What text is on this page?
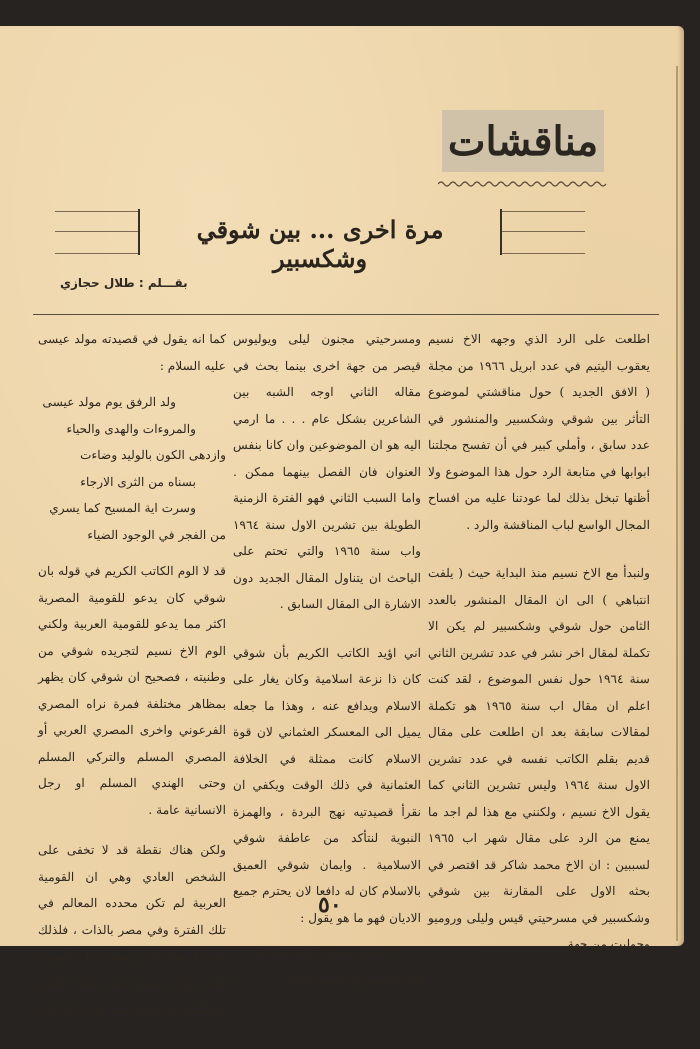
مناقشات
مرة اخرى ... بين شوقي وشكسبير
بقـــلم : طلال حجازي

اطلعت على الرد الذي وجهه الاخ نسيم يعقوب اليتيم في عدد ابريل ١٩٦٦ من مجلة ( الافق الجديد ) حول مناقشتي لموضوع التأثر بين شوقي وشكسبير والمنشور في عدد سابق ، وأملي كبير في أن تفسح مجلتنا ابوابها في متابعة الرد حول هذا الموضوع ولا أظنها تبخل بذلك لما عودتنا عليه من افساح المجال الواسع لباب المناقشة والرد .

ولنبدأ مع الاخ نسيم منذ البداية حيث ( يلفت انتباهي ) الى ان المقال المنشور بالعدد الثامن حول شوقي وشكسبير لم يكن الا تكملة لمقال اخر نشر في عدد تشرين الثاني سنة ١٩٦٤ حول نفس الموضوع ، لقد كنت اعلم ان مقال اب سنة ١٩٦٥ هو تكملة لمقالات سابقة بعد ان اطلعت على مقال قديم بقلم الكاتب نفسه في عدد تشرين الاول سنة ١٩٦٤ وليس تشرين الثاني كما يقول الاخ نسيم ، ولكنني مع هذا لم اجد ما يمنع من الرد على مقال شهر اب ١٩٦٥ لسببين : ان الاخ محمد شاكر قد اقتصر في بحثه الاول على المقارنة بين شوقي وشكسبير في مسرحيتي قيس وليلى وروميو وجوليت من جهة

ومسرحيتي مجنون ليلى ويوليوس قيصر من جهة اخرى بينما بحث في مقاله الثاني اوجه الشبه بين الشاعرين بشكل عام . . . ما ارمي اليه هو ان الموضوعين وان كانا بنفس العنوان فان الفصل بينهما ممكن . واما السبب الثاني فهو الفترة الزمنية الطويلة بين تشرين الاول سنة ١٩٦٤ واب سنة ١٩٦٥ والتي تحتم على الباحث ان يتناول المقال الجديد دون الاشارة الى المقال السابق .

اني اؤيد الكاتب الكريم بأن شوقي كان ذا نزعة اسلامية وكان يغار على الاسلام ويدافع عنه ، وهذا ما جعله يميل الى المعسكر العثماني لان قوة الاسلام كانت ممثلة في الخلافة العثمانية في ذلك الوقت ويكفي ان نقرأ قصيدتيه نهج البردة ، والهمزة النبوية لنتأكد من عاطفة شوقي الاسلامية . وايمان شوقي العميق بالاسلام كان له دافعا لان يحترم جميع الاديان فهو ما هو يقول :

عيسى سبيلك رحمة ومحبة

في العالمين وعصمة وسلام

كما انه يقول في قصيدته مولد عيسى عليه السلام :

ولد الرفق يوم مولد عيسى

والمروءات والهدى والحياء

وازدهى الكون بالوليد وضاءت

بسناه من الثرى الارجاء

وسرت اية المسيح كما يسري

من الفجر في الوجود الضياء

قد لا الوم الكاتب الكريم في قوله بان شوقي كان يدعو للقومية المصرية اكثر مما يدعو للقومية العربية ولكني الوم الاخ نسيم لتجريده شوقي من وطنيته ، فصحيح ان شوقي كان يظهر بمظاهر مختلفة فمرة نراه المصري الفرعوني واخرى المصري العربي أو المصري المسلم والتركي المسلم وحتى الهندي المسلم او رجل الانسانية عامة .

ولكن هناك نقطة قد لا تخفى على الشخص العادي وهي ان القومية العربية لم تكن محدده المعالم في تلك الفترة وفي مصر بالذات ، فلذلك نحن لا نشك في وطنية ذلك الصوت الذي كان يصرخ في تلك الفترة المظلمة من تاريخ مصر بهذه النداءات .

٥٠
